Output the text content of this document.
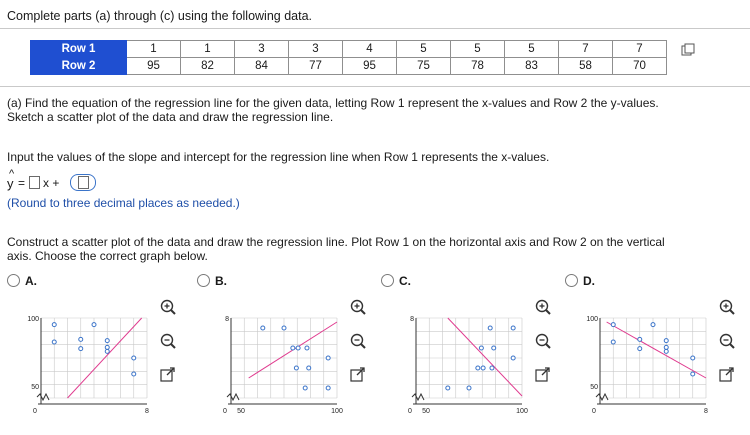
Complete parts (a) through (c) using the following data.
Row 1	1	1	3	3	4	5	5	5	7	7
Row 2	95	82	84	77	95	75	78	83	58	70
(a) Find the equation of the regression line for the given data, letting Row 1 represent the x-values and Row 2 the y-values.
Sketch a scatter plot of the data and draw the regression line.
Input the values of the slope and intercept for the regression line when Row 1 represents the x-values.
^
y = x +
(Round to three decimal places as needed.)
Construct a scatter plot of the data and draw the regression line. Plot Row 1 on the horizontal axis and Row 2 on the vertical
axis. Choose the correct graph below.
A.	B.	C.	D.
100
50
0	8
8
0 50	100
8
0 50	100
100
50
0	8
